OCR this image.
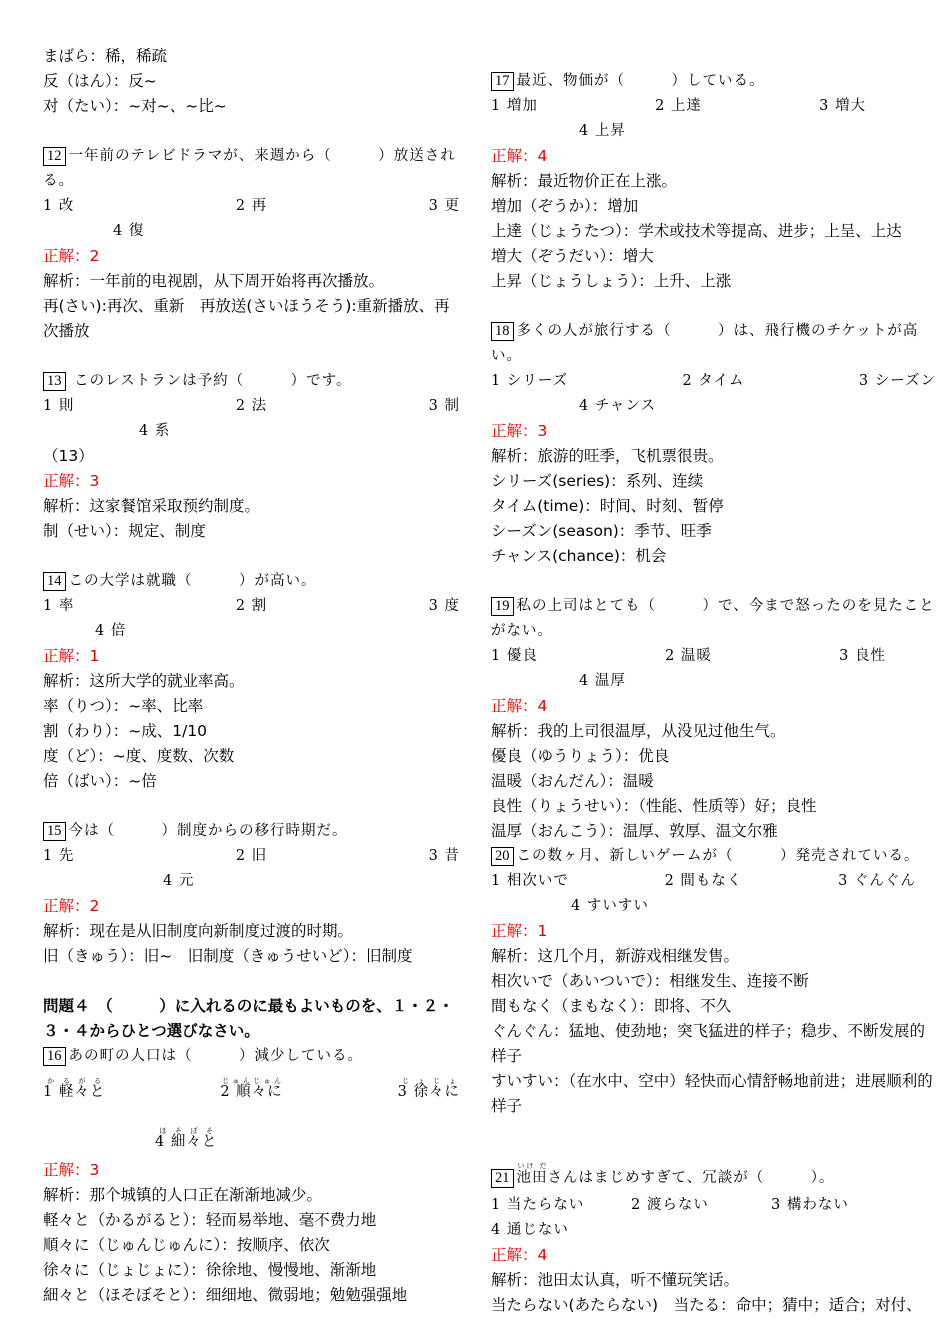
まばら：稀，稀疏
反（はん）：反~
对（たい）：~对~、~比~
12 一年前のテレビドラマが、来週から（　　　）放送される。
1 改	2 再	3 更
4 復
正解：2
解析：一年前的电视剧，从下周开始将再次播放。
再(さい):再次、重新　再放送(さいほうそう):重新播放、再次播放
13 このレストランは予約（　　　）です。
1 則	2 法	3 制
4 系
（13）
正解：3
解析：这家餐馆采取预约制度。
制（せい）：规定、制度
14 この大学は就職（　　　）が高い。
1 率	2 割	3 度
4 倍
正解：1
解析：这所大学的就业率高。
率（りつ）：~率、比率
割（わり）：~成、1/10
度（ど）：~度、度数、次数
倍（ばい）：~倍
15 今は（　　　）制度からの移行時期だ。
1 先	2 旧	3 昔
4 元
正解：2
解析：现在是从旧制度向新制度过渡的时期。
旧（きゅう）：旧~　旧制度（きゅうせいど）：旧制度
問題４　（　　　）に入れるのに最もよいものを、１・２・３・４からひとつ選びなさい。
16 あの町の人口は（　　　）減少している。
1 軽々とかるがる
2 順々にじゅんじゅん
3 徐々にじょじょ
4 細々とほそぼそ
正解：3
解析：那个城镇的人口正在渐渐地减少。
軽々と（かるがると）：轻而易举地、毫不费力地
順々に（じゅんじゅんに）：按顺序、依次
徐々に（じょじょに）：徐徐地、慢慢地、渐渐地
細々と（ほそぼそと）：细细地、微弱地；勉勉强强地
17 最近、物価が（　　　）している。
1 増加	2 上達	3 増大
4 上昇
正解：4
解析：最近物价正在上涨。
増加（ぞうか）：增加
上達（じょうたつ）：学术或技术等提高、进步；上呈、上达
増大（ぞうだい）：增大
上昇（じょうしょう）：上升、上涨
18 多くの人が旅行する（　　　）は、飛行機のチケットが高い。
1 シリーズ	2 タイム	3 シーズン
4 チャンス
正解：3
解析：旅游的旺季，飞机票很贵。
シリーズ(series)：系列、连续
タイム(time)：时间、时刻、暂停
シーズン(season)：季节、旺季
チャンス(chance)：机会
19 私の上司はとても（　　　）で、今まで怒ったのを見たことがない。
1 優良	2 温暖	3 良性
4 温厚
正解：4
解析：我的上司很温厚，从没见过他生气。
優良（ゆうりょう）：优良
温暖（おんだん）：温暖
良性（りょうせい）：（性能、性质等）好；良性
温厚（おんこう）：温厚、敦厚、温文尔雅
20 この数ヶ月、新しいゲームが（　　　）発売されている。
1 相次いで	2 間もなく	3 ぐんぐん
4 すいすい
正解：1
解析：这几个月，新游戏相继发售。
相次いで（あいついで）：相继发生、连接不断
間もなく（まもなく）：即将、不久
ぐんぐん：猛地、使劲地；突飞猛进的样子；稳步、不断发展的样子
すいすい：（在水中、空中）轻快而心情舒畅地前进；进展顺利的样子
21 池田いけ ださんはまじめすぎて、冗談が（　　　）。
1 当たらない	2 渡らない	3 構わない
4 通じない
正解：4
解析：池田太认真，听不懂玩笑话。
当たらない(あたらない)　当たる：命中；猜中；适合；对付、
